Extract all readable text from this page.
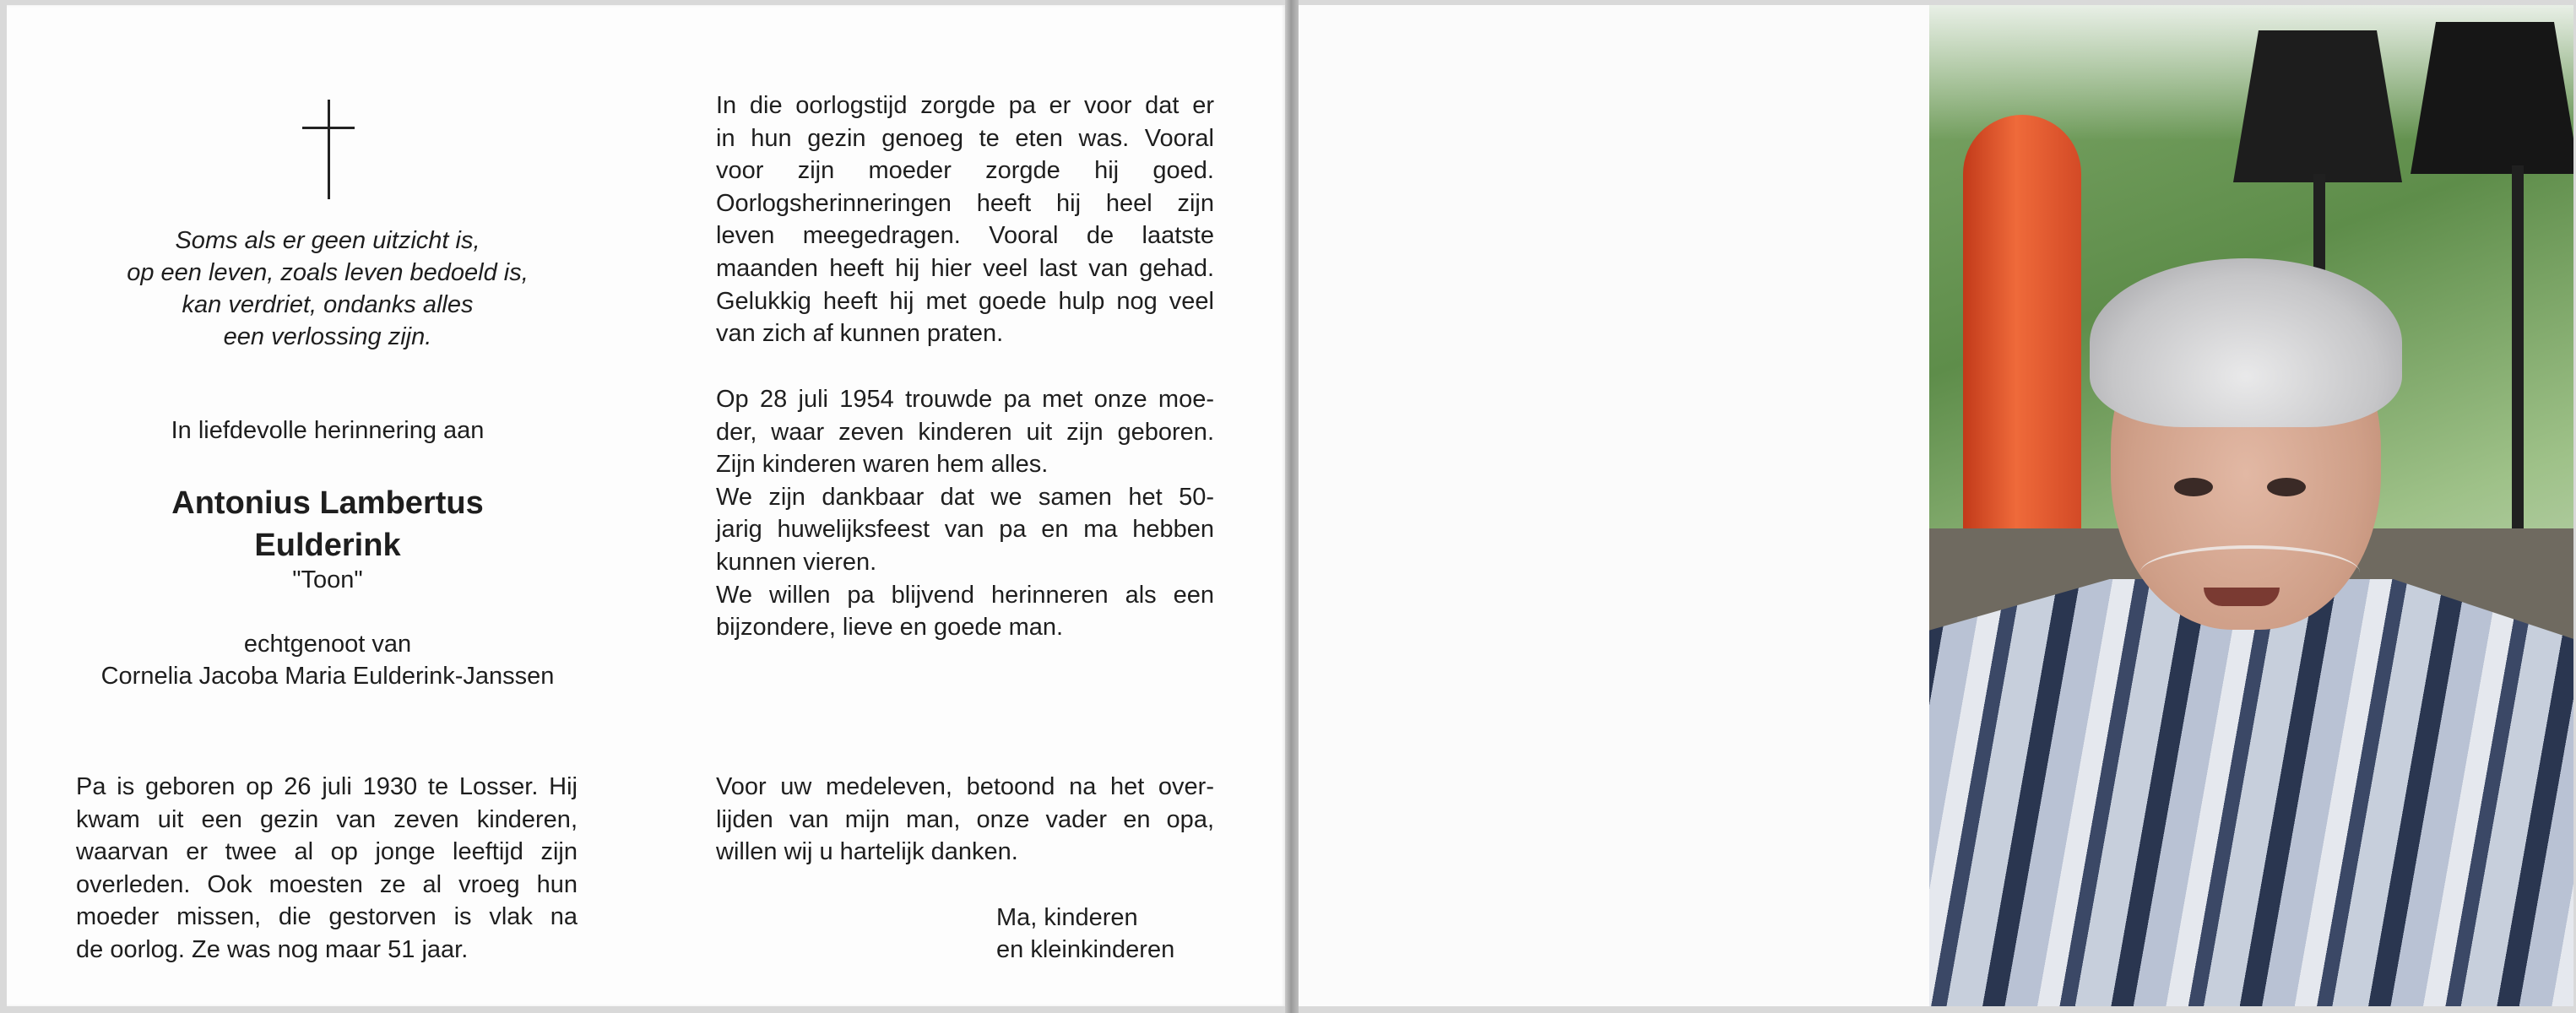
Soms als er geen uitzicht is,
op een leven, zoals leven bedoeld is,
kan verdriet, ondanks alles
een verlossing zijn.
In liefdevolle herinnering aan
Antonius Lambertus
Eulderink
"Toon"
echtgenoot van
Cornelia Jacoba Maria Eulderink-Janssen
Pa is geboren op 26 juli 1930 te Losser. Hij
kwam uit een gezin van zeven kinderen,
waarvan er twee al op jonge leeftijd zijn
overleden. Ook moesten ze al vroeg hun
moeder missen, die gestorven is vlak na
de oorlog. Ze was nog maar 51 jaar.
In die oorlogstijd zorgde pa er voor dat er
in hun gezin genoeg te eten was. Vooral
voor zijn moeder zorgde hij goed.
Oorlogsherinneringen heeft hij heel zijn
leven meegedragen. Vooral de laatste
maanden heeft hij hier veel last van gehad.
Gelukkig heeft hij met goede hulp nog veel
van zich af kunnen praten.
Op 28 juli 1954 trouwde pa met onze moe-
der, waar zeven kinderen uit zijn geboren.
Zijn kinderen waren hem alles.
We zijn dankbaar dat we samen het 50-
jarig huwelijksfeest van pa en ma hebben
kunnen vieren.
We willen pa blijvend herinneren als een
bijzondere, lieve en goede man.
Voor uw medeleven, betoond na het over-
lijden van mijn man, onze vader en opa,
willen wij u hartelijk danken.
Ma, kinderen
en kleinkinderen
